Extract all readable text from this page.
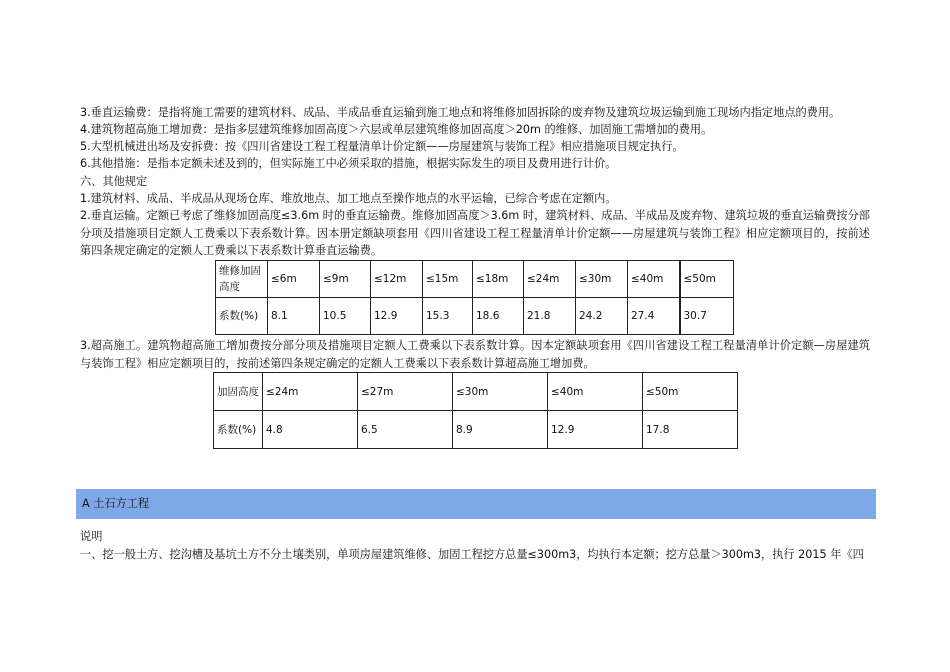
3.垂直运输费：是指将施工需要的建筑材料、成品、半成品垂直运输到施工地点和将维修加固拆除的废弃物及建筑垃圾运输到施工现场内指定地点的费用。

4.建筑物超高施工增加费：是指多层建筑维修加固高度＞六层或单层建筑维修加固高度＞20m 的维修、加固施工需增加的费用。

5.大型机械进出场及安拆费：按《四川省建设工程工程量清单计价定额——房屋建筑与装饰工程》相应措施项目规定执行。

6.其他措施：是指本定额未述及到的，但实际施工中必须采取的措施，根据实际发生的项目及费用进行计价。

六、其他规定

1.建筑材料、成品、半成品从现场仓库、堆放地点、加工地点至操作地点的水平运输，已综合考虑在定额内。

2.垂直运输。定额已考虑了维修加固高度≤3.6m 时的垂直运输费。维修加固高度＞3.6m 时，建筑材料、成品、半成品及废弃物、建筑垃圾的垂直运输费按分部分项及措施项目定额人工费乘以下表系数计算。因本册定额缺项套用《四川省建设工程工程量清单计价定额——房屋建筑与装饰工程》相应定额项目的，按前述第四条规定确定的定额人工费乘以下表系数计算垂直运输费。

维修加固高度	≤6m	≤9m	≤12m	≤15m	≤18m	≤24m	≤30m	≤40m	≤50m
系数(%)	8.1	10.5	12.9	15.3	18.6	21.8	24.2	27.4	30.7

3.超高施工。建筑物超高施工增加费按分部分项及措施项目定额人工费乘以下表系数计算。因本定额缺项套用《四川省建设工程工程量清单计价定额—房屋建筑与装饰工程》相应定额项目的，按前述第四条规定确定的定额人工费乘以下表系数计算超高施工增加费。

加固高度	≤24m	≤27m	≤30m	≤40m	≤50m
系数(%)	4.8	6.5	8.9	12.9	17.8
A 土石方工程

说明

一、挖一般土方、挖沟槽及基坑土方不分土壤类别，单项房屋建筑维修、加固工程挖方总量≤300m3，均执行本定额；挖方总量＞300m3，执行 2015 年《四
